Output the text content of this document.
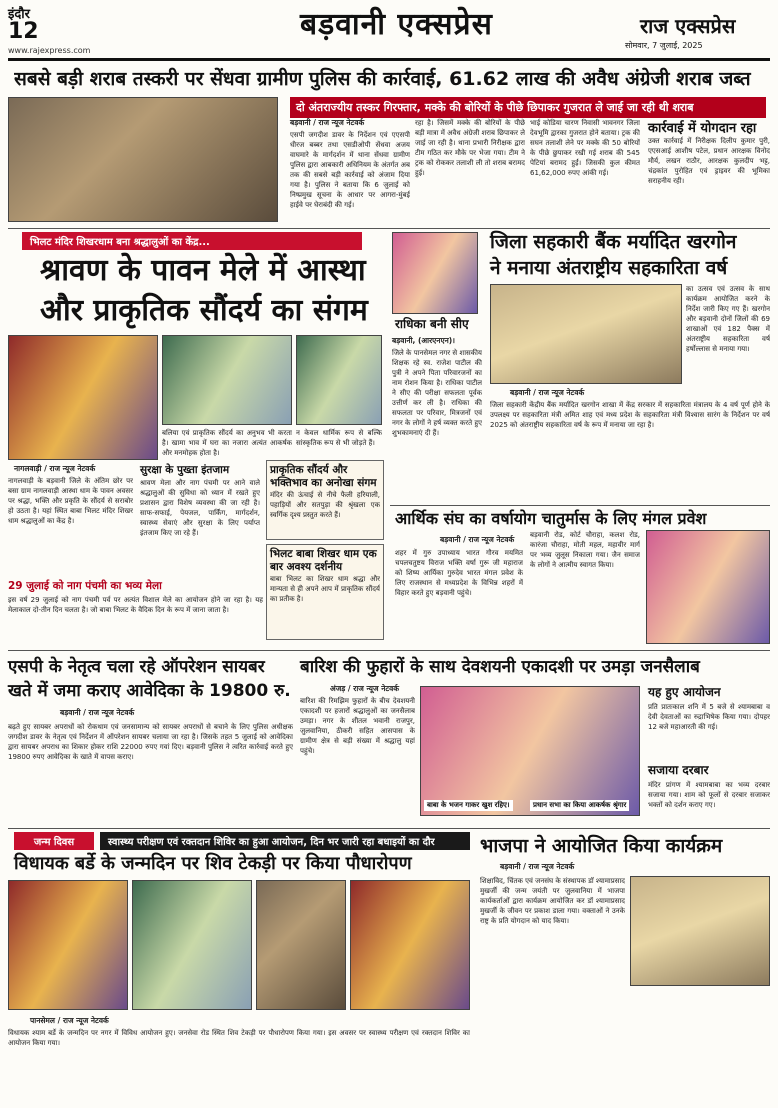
इंदौर
12
www.rajexpress.com
बड़वानी एक्सप्रेस	राज एक्सप्रेस
सोमवार, 7 जुलाई, 2025
सबसे बड़ी शराब तस्करी पर सेंधवा ग्रामीण पुलिस की कार्रवाई, 61.62 लाख की अवैध अंग्रेजी शराब जब्त
दो अंतराज्यीय तस्कर गिरफ्तार, मक्के की बोरियों के पीछे छिपाकर गुजरात ले जाई जा रही थी शराब
बड़वानी / राज न्यूज नेटवर्क
एसपी जगदीश डावर के निर्देशन एवं एएसपी धीरज बब्बर तथा एसडीओपी सेंधवा अजय वाघमारे के मार्गदर्शन में थाना सेंधवा ग्रामीण पुलिस द्वारा आबकारी अधिनियम के अंतर्गत अब तक की सबसे बड़ी कार्रवाई को अंजाम दिया गया है। पुलिस ने बताया कि 6 जुलाई को निष्प्रमुख सूचना के आधार पर आगरा-मुंबई हाईवे पर घेराबंदी की गई।
रहा है। जिसमें मक्के की बोरियों के पीछे बड़ी मात्रा में अवैध अंग्रेजी शराब छिपाकर ले जाई जा रही है। थाना प्रभारी निरीक्षक द्वारा टीम गठित कर मौके पर भेजा गया। टीम ने ट्रक को रोककर तलाशी ली तो शराब बरामद हुई।
भाई कोडिया चारण निवासी भावनगर जिला देवभूमि द्वारका गुजरात होने बताया। ट्रक की सघन तलाशी लेने पर मक्के की 50 बोरियों के पीछे छुपाकर रखी गई शराब की 545 पेटियां बरामद हुईं। जिसकी कुल कीमत 61,62,000 रुपए आंकी गई।
कार्रवाई में योगदान रहा
उक्त कार्रवाई में निरीक्षक दिलीप कुमार पुरी, एएसआई आशीष पटेल, प्रधान आरक्षक विनोद मौर्य, लखन राठौर, आरक्षक कुलदीप भट्ट, चंद्रकांत पुरोहित एवं ड्राइवर की भूमिका सराहनीय रही।
भिलट मंदिर शिखरधाम बना श्रद्धालुओं का केंद्र...
श्रावण के पावन मेले में आस्था
और प्राकृतिक सौंदर्य का संगम
बलिया एवं प्राकृतिक सौंदर्य का अनुभव भी करता है। खामा भाव में घरा का नजारा अत्यंत आकर्षक और मनमोहक होता है।
न केवल धार्मिक रूप से बल्कि सांस्कृतिक रूप से भी जोड़ते हैं।
नागलवाड़ी / राज न्यूज नेटवर्क
नागलवाड़ी के बड़वानी जिले के अंतिम छोर पर बसा ग्राम नागलवाड़ी आस्था धाम के पावन अवसर पर श्रद्धा, भक्ति और प्रकृति के सौंदर्य से सराबोर हो उठता है। यहां स्थित बाबा भिलट मंदिर शिखर धाम श्रद्धालुओं का केंद्र है।
सुरक्षा के पुख्ता इंतजाम
श्रावण मेला और नाग पंचमी पर आने वाले श्रद्धालुओं की सुविधा को ध्यान में रखते हुए प्रशासन द्वारा विशेष व्यवस्था की जा रही है। साफ-सफाई, पेयजल, पार्किंग, मार्गदर्शन, स्वास्थ्य सेवाएं और सुरक्षा के लिए पर्याप्त इंतजाम किए जा रहे हैं।
प्राकृतिक सौंदर्य और भक्तिभाव का अनोखा संगम
मंदिर की ऊंचाई से नीचे फैली हरियाली, पहाड़ियों और सतपुड़ा की श्रृंखला एक स्वर्गिक दृश्य प्रस्तुत करते हैं।
भिलट बाबा शिखर धाम एक बार अवश्य दर्शनीय
बाबा भिलट का शिखर धाम श्रद्धा और मान्यता से ही अपने आप में प्राकृतिक सौंदर्य का प्रतीक है।
29 जुलाई को नाग पंचमी का भव्य मेला
इस वर्ष 29 जुलाई को नाग पंचमी पर्व पर अत्यंत विशाल मेले का आयोजन होने जा रहा है। यह मेलाकाल दो-तीन दिन चलता है। जो बाबा भिलट के वैदिक दिन के रूप में जाना जाता है।
राधिका बनी सीए
बड़वानी, (आरएनएन)।
जिले के पानसेमल नगर से शासकीय शिक्षक रहे स्व. राजेश पाटील की पुत्री ने अपने पिता परिवारजनों का नाम रोशन किया है। राधिका पाटील ने सीए की परीक्षा सफलता पूर्वक उत्तीर्ण कर ली है। राधिका की सफलता पर परिवार, मित्रजनों एवं नगर के लोगों ने हर्ष व्यक्त करते हुए शुभकामनाएं दी हैं।
जिला सहकारी बैंक मर्यादित खरगोन
ने मनाया अंतराष्ट्रीय सहकारिता वर्ष
का उत्सव एवं उत्सव के साथ कार्यक्रम आयोजित करने के निर्देश जारी किए गए हैं। खरगोन और बड़वानी दोनों जिलों की 69 शाखाओं एवं 182 पैक्स में अंतराष्ट्रीय सहकारिता वर्ष हर्षोल्लास से मनाया गया।
बड़वानी / राज न्यूज नेटवर्क
जिला सहकारी केंद्रीय बैंक मर्यादित खरगोन शाखा में केंद्र सरकार में सहकारिता मंत्रालय के 4 वर्ष पूर्ण होने के उपलक्ष्य पर सहकारिता मंत्री अमित शाह एवं मध्य प्रदेश के सहकारिता मंत्री विश्वास सारंग के निर्देशन पर वर्ष 2025 को अंतराष्ट्रीय सहकारिता वर्ष के रूप में मनाया जा रहा है।
आर्थिक संघ का वर्षायोग चातुर्मास के लिए मंगल प्रवेश
बड़वानी / राज न्यूज नेटवर्क
शहर में गुरु उपाध्याय भारत गौरव मयमित चपलचतुष्टय विराज भक्ति वर्षा गुरू जी महाराज को शिष्य आर्यिका गुरुदेव भारत मंगल प्रवेश के लिए राजस्थान से मध्यप्रदेश के विभिन्न शहरों में विहार करते हुए बड़वानी पहुंचे।
बड़वानी रोड, कोर्ट चौराहा, कलश रोड, कारंजा चौराहा, मोती महल, महावीर मार्ग पर भव्य जुलूस निकाला गया। जैन समाज के लोगों ने आत्मीय स्वागत किया।
एसपी के नेतृत्व चला रहे ऑपरेशन सायबर
खते में जमा कराए आवेदिका के 19800 रु.
बड़वानी / राज न्यूज नेटवर्क
बढ़ते हुए सायबर अपराधों को रोकथाम एवं जनसामान्य को सायबर अपराधों से बचाने के लिए पुलिस अधीक्षक जगदीश डावर के नेतृत्व एवं निर्देशन में ऑपरेशन सायबर चलाया जा रहा है। जिसके तहत 5 जुलाई को आवेदिका द्वारा सायबर अपराध का शिकार होकर राशि 22000 रुपए गवां दिए। बड़वानी पुलिस ने त्वरित कार्रवाई करते हुए 19800 रुपए आवेदिका के खाते में वापस कराए।
बारिश की फुहारों के साथ देवशयनी एकादशी पर उमड़ा जनसैलाब
अंजड़ / राज न्यूज नेटवर्क
बारिश की रिमझिम फुहारों के बीच देवशयनी एकादशी पर हजारों श्रद्धालुओं का जनसैलाब उमड़ा। नगर के शीतल भवानी राजपुर, जुलवानिया, ठीकरी सहित आसपास के ग्रामीण क्षेत्र से बड़ी संख्या में श्रद्धालु यहां पहुंचे।
बाबा के भजन गाकर खुश रहिए।	प्रधान सभा का किया आकर्षक श्रृंगार
यह हुए आयोजन
प्रति प्रातःकाल शनि में 5 बजे से श्यामबाबा व देवी देवताओं का रुद्राभिषेक किया गया। दोपहर 12 बजे महाआरती की गई।
सजाया दरबार
मंदिर प्रांगण में श्यामबाबा का भव्य दरबार सजाया गया। शाम को फूलों से दरबार सजाकर भक्तों को दर्शन कराए गए।
जन्म दिवस	स्वास्थ्य परीक्षण एवं रक्तदान शिविर का हुआ आयोजन, दिन भर जारी रहा बधाइयों का दौर
विधायक बर्डे के जन्मदिन पर शिव टेकड़ी पर किया पौधारोपण
पानसेमल / राज न्यूज नेटवर्क
विधायक श्याम बर्डे के जन्मदिन पर नगर में विविध आयोजन हुए। जनसेवा रोड स्थित शिव टेकड़ी पर पौधारोपण किया गया। इस अवसर पर स्वास्थ्य परीक्षण एवं रक्तदान शिविर का आयोजन किया गया।
भाजपा ने आयोजित किया कार्यक्रम
बड़वानी / राज न्यूज नेटवर्क
शिक्षाविद, चिंतक एवं जनसंघ के संस्थापक डॉ श्यामाप्रसाद मुखर्जी की जन्म जयंती पर जुलवानिया में भाजपा कार्यकर्ताओं द्वारा कार्यक्रम आयोजित कर डॉ श्यामाप्रसाद मुखर्जी के जीवन पर प्रकाश डाला गया। वक्ताओं ने उनके राष्ट्र के प्रति योगदान को याद किया।
